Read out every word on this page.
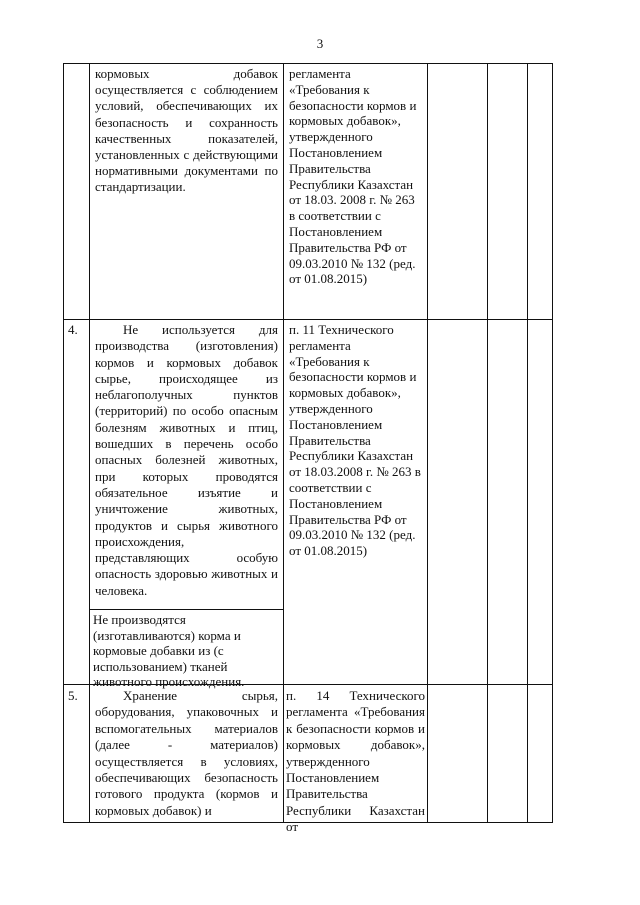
3
кормовых добавок осуществляется с соблюдением условий, обеспечивающих их безопасность и сохранность качественных показателей, установленных с действующими нормативными документами по стандартизации.
регламента «Требования к безопасности кормов и кормовых добавок», утвержденного Постановлением Правительства Республики Казахстан от 18.03. 2008 г. № 263 в соответствии с Постановлением Правительства РФ от 09.03.2010 № 132 (ред. от 01.08.2015)
4.	Не используется для производства (изготовления) кормов и кормовых добавок сырье, происходящее из неблагополучных пунктов (территорий) по особо опасным болезням животных и птиц, вошедших в перечень особо опасных болезней животных, при которых проводятся обязательное изъятие и уничтожение животных, продуктов и сырья животного происхождения, представляющих особую опасность здоровью животных и человека.
Не производятся (изготавливаются) корма и кормовые добавки из (с использованием) тканей животного происхождения.
п. 11 Технического регламента «Требования к безопасности кормов и кормовых добавок», утвержденного Постановлением Правительства Республики Казахстан от 18.03.2008 г. № 263 в соответствии с Постановлением Правительства РФ от 09.03.2010 № 132 (ред. от 01.08.2015)
5.	Хранение сырья, оборудования, упаковочных и вспомогательных материалов (далее - материалов) осуществляется в условиях, обеспечивающих безопасность готового продукта (кормов и кормовых добавок) и
п. 14 Технического регламента «Требования к безопасности кормов и кормовых добавок», утвержденного Постановлением Правительства Республики Казахстан от
